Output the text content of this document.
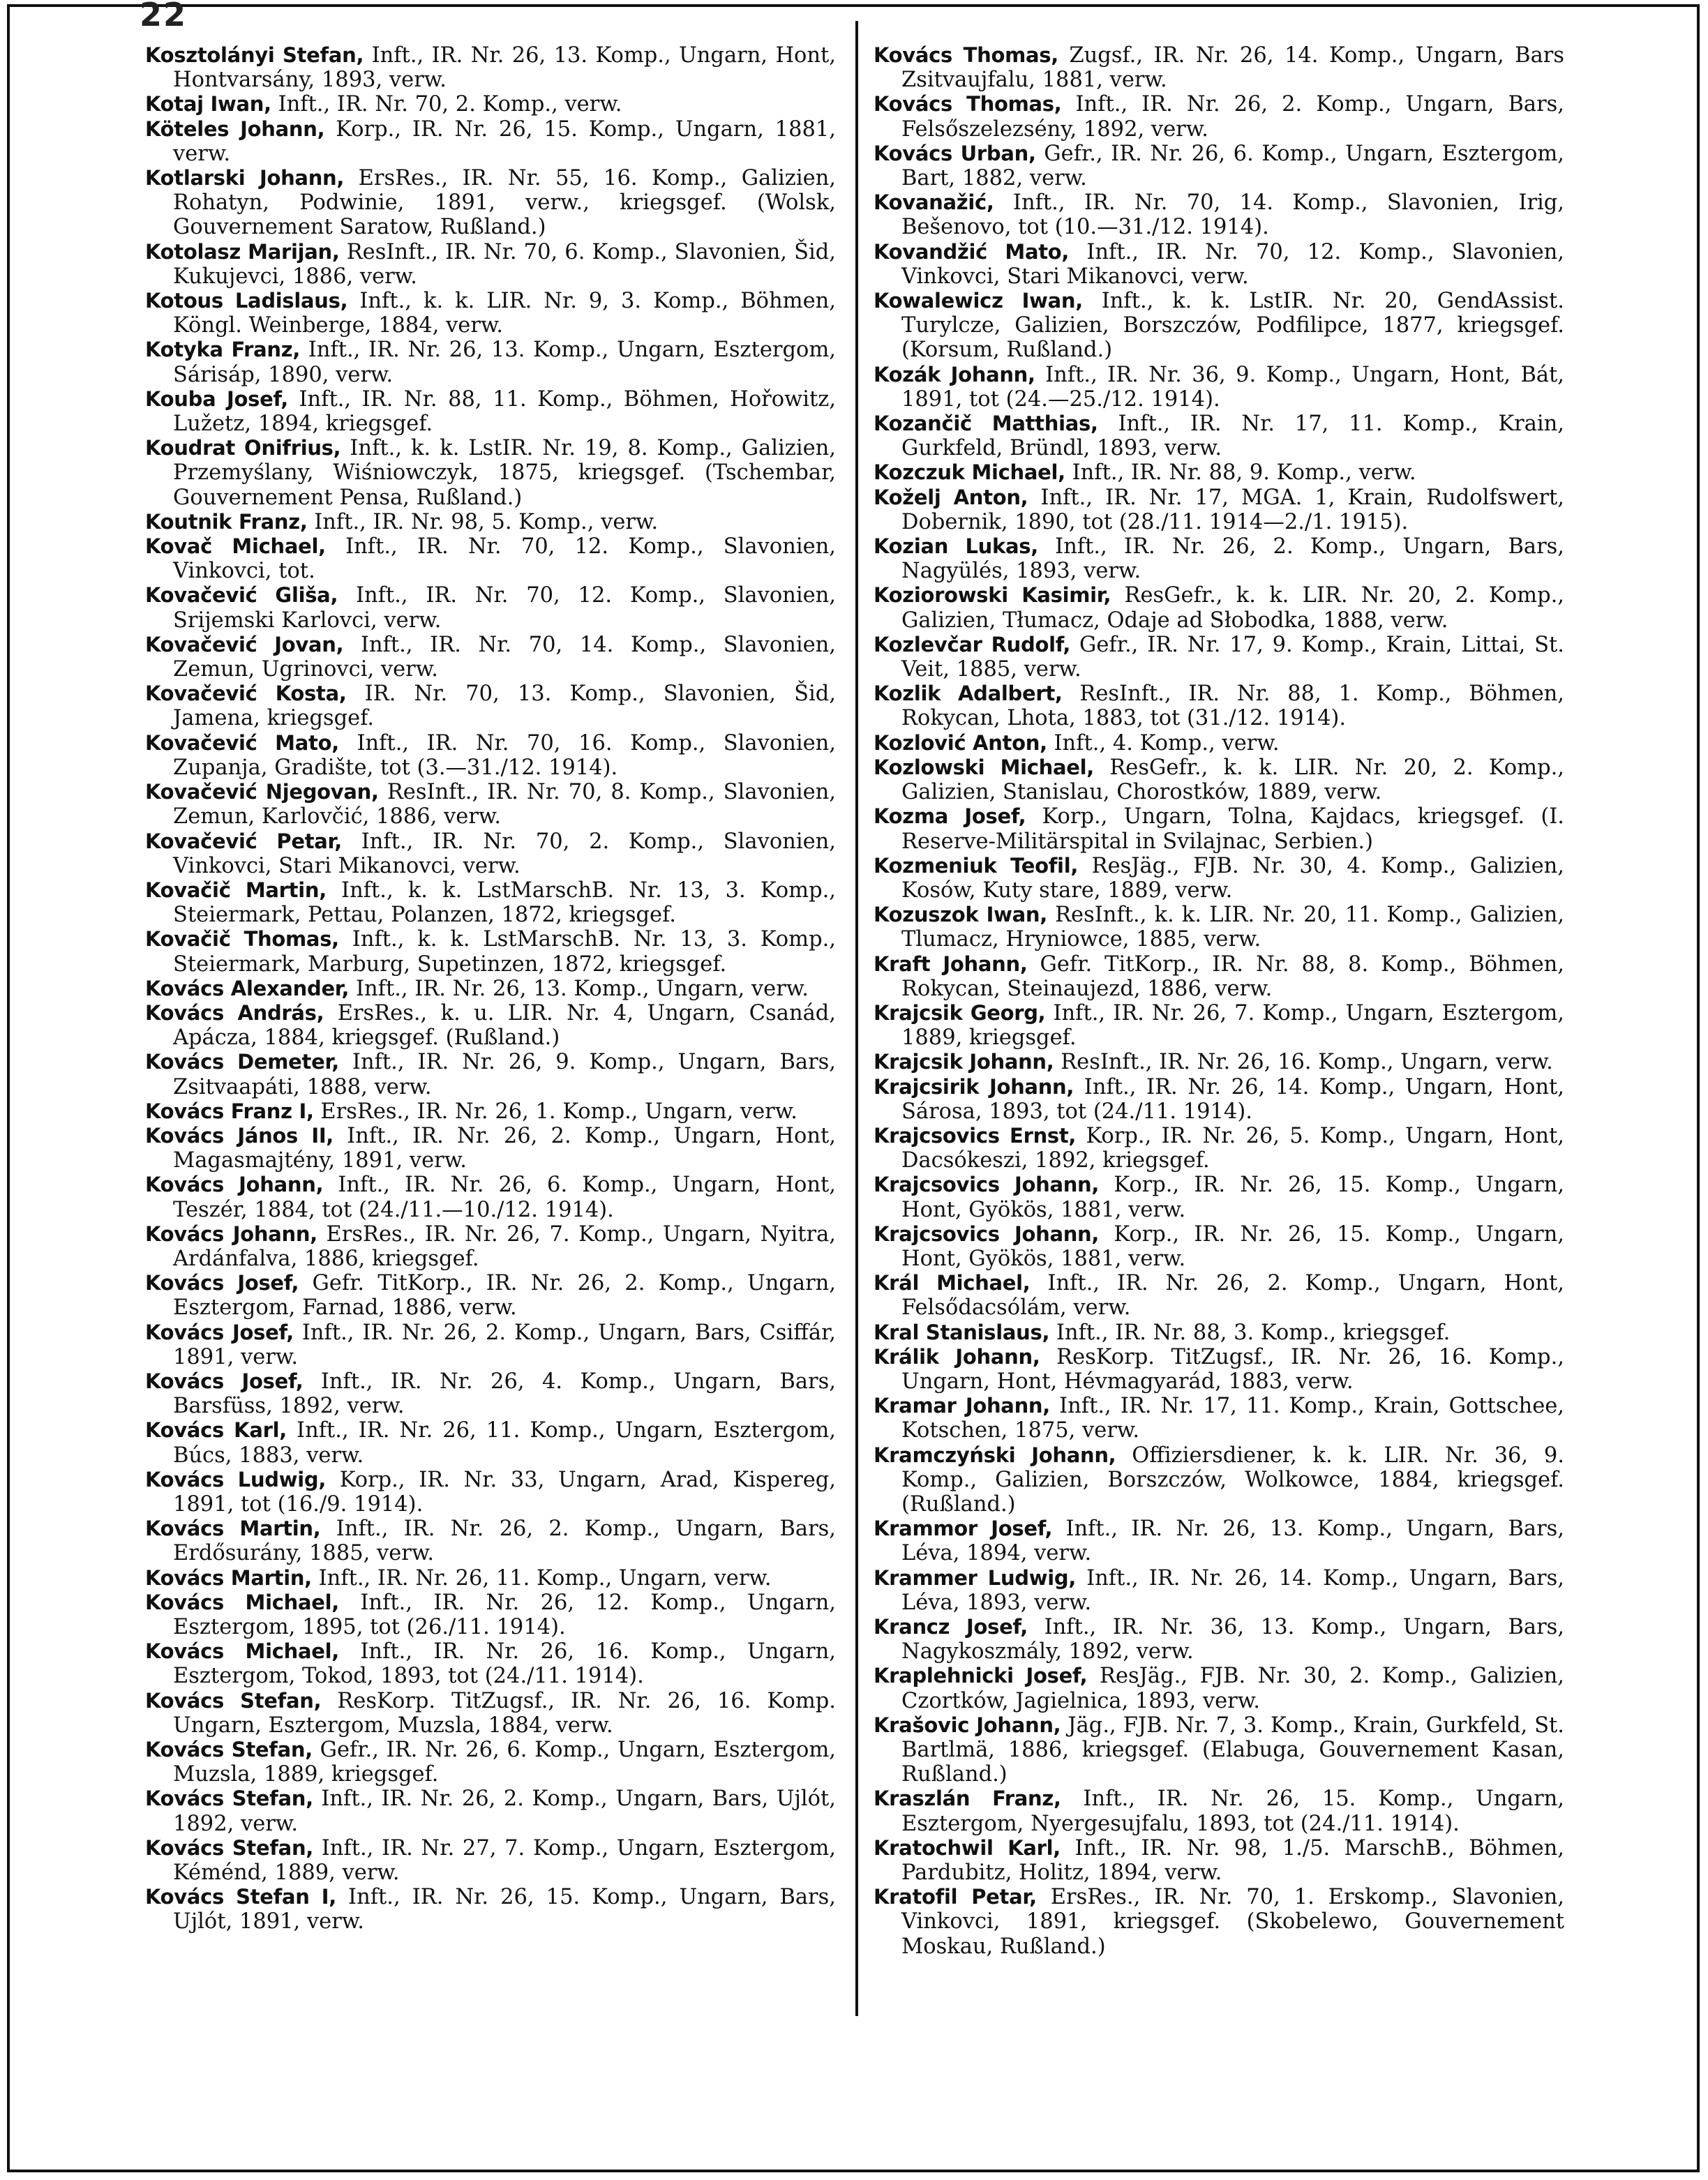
22

Kosztolányi Stefan, Inft., IR. Nr. 26, 13. Komp., Ungarn, Hont, Hontvarsány, 1893, verw.

Kotaj Iwan, Inft., IR. Nr. 70, 2. Komp., verw.

Köteles Johann, Korp., IR. Nr. 26, 15. Komp., Ungarn, 1881, verw.

Kotlarski Johann, ErsRes., IR. Nr. 55, 16. Komp., Galizien, Rohatyn, Podwinie, 1891, verw., kriegsgef. (Wolsk, Gouvernement Saratow, Rußland.)

Kotolasz Marijan, ResInft., IR. Nr. 70, 6. Komp., Slavonien, Šid, Kukujevci, 1886, verw.

Kotous Ladislaus, Inft., k. k. LIR. Nr. 9, 3. Komp., Böhmen, Köngl. Weinberge, 1884, verw.

Kotyka Franz, Inft., IR. Nr. 26, 13. Komp., Ungarn, Esztergom, Sárisáp, 1890, verw.

Kouba Josef, Inft., IR. Nr. 88, 11. Komp., Böhmen, Hořowitz, Lužetz, 1894, kriegsgef.

Koudrat Onifrius, Inft., k. k. LstIR. Nr. 19, 8. Komp., Galizien, Przemyślany, Wiśniowczyk, 1875, kriegsgef. (Tschembar, Gouvernement Pensa, Rußland.)

Koutnik Franz, Inft., IR. Nr. 98, 5. Komp., verw.

Kovač Michael, Inft., IR. Nr. 70, 12. Komp., Slavonien, Vinkovci, tot.

Kovačević Gliša, Inft., IR. Nr. 70, 12. Komp., Slavonien, Srijemski Karlovci, verw.

Kovačević Jovan, Inft., IR. Nr. 70, 14. Komp., Slavonien, Zemun, Ugrinovci, verw.

Kovačević Kosta, IR. Nr. 70, 13. Komp., Slavonien, Šid, Jamena, kriegsgef.

Kovačević Mato, Inft., IR. Nr. 70, 16. Komp., Slavonien, Zupanja, Gradište, tot (3.—31./12. 1914).

Kovačević Njegovan, ResInft., IR. Nr. 70, 8. Komp., Slavonien, Zemun, Karlovčić, 1886, verw.

Kovačević Petar, Inft., IR. Nr. 70, 2. Komp., Slavonien, Vinkovci, Stari Mikanovci, verw.

Kovačič Martin, Inft., k. k. LstMarschB. Nr. 13, 3. Komp., Steiermark, Pettau, Polanzen, 1872, kriegsgef.

Kovačič Thomas, Inft., k. k. LstMarschB. Nr. 13, 3. Komp., Steiermark, Marburg, Supetinzen, 1872, kriegsgef.

Kovács Alexander, Inft., IR. Nr. 26, 13. Komp., Ungarn, verw.

Kovács András, ErsRes., k. u. LIR. Nr. 4, Ungarn, Csanád, Apácza, 1884, kriegsgef. (Rußland.)

Kovács Demeter, Inft., IR. Nr. 26, 9. Komp., Ungarn, Bars, Zsitvaapáti, 1888, verw.

Kovács Franz I, ErsRes., IR. Nr. 26, 1. Komp., Ungarn, verw.

Kovács János II, Inft., IR. Nr. 26, 2. Komp., Ungarn, Hont, Magasmajtény, 1891, verw.

Kovács Johann, Inft., IR. Nr. 26, 6. Komp., Ungarn, Hont, Teszér, 1884, tot (24./11.—10./12. 1914).

Kovács Johann, ErsRes., IR. Nr. 26, 7. Komp., Ungarn, Nyitra, Ardánfalva, 1886, kriegsgef.

Kovács Josef, Gefr. TitKorp., IR. Nr. 26, 2. Komp., Ungarn, Esztergom, Farnad, 1886, verw.

Kovács Josef, Inft., IR. Nr. 26, 2. Komp., Ungarn, Bars, Csiffár, 1891, verw.

Kovács Josef, Inft., IR. Nr. 26, 4. Komp., Ungarn, Bars, Barsfüss, 1892, verw.

Kovács Karl, Inft., IR. Nr. 26, 11. Komp., Ungarn, Esztergom, Búcs, 1883, verw.

Kovács Ludwig, Korp., IR. Nr. 33, Ungarn, Arad, Kispereg, 1891, tot (16./9. 1914).

Kovács Martin, Inft., IR. Nr. 26, 2. Komp., Ungarn, Bars, Erdősurány, 1885, verw.

Kovács Martin, Inft., IR. Nr. 26, 11. Komp., Ungarn, verw.

Kovács Michael, Inft., IR. Nr. 26, 12. Komp., Ungarn, Esztergom, 1895, tot (26./11. 1914).

Kovács Michael, Inft., IR. Nr. 26, 16. Komp., Ungarn, Esztergom, Tokod, 1893, tot (24./11. 1914).

Kovács Stefan, ResKorp. TitZugsf., IR. Nr. 26, 16. Komp. Ungarn, Esztergom, Muzsla, 1884, verw.

Kovács Stefan, Gefr., IR. Nr. 26, 6. Komp., Ungarn, Esztergom, Muzsla, 1889, kriegsgef.

Kovács Stefan, Inft., IR. Nr. 26, 2. Komp., Ungarn, Bars, Ujlót, 1892, verw.

Kovács Stefan, Inft., IR. Nr. 27, 7. Komp., Ungarn, Esztergom, Kéménd, 1889, verw.

Kovács Stefan I, Inft., IR. Nr. 26, 15. Komp., Ungarn, Bars, Ujlót, 1891, verw.

Kovács Thomas, Zugsf., IR. Nr. 26, 14. Komp., Ungarn, Bars Zsitvaujfalu, 1881, verw.

Kovács Thomas, Inft., IR. Nr. 26, 2. Komp., Ungarn, Bars, Felsőszelezsény, 1892, verw.

Kovács Urban, Gefr., IR. Nr. 26, 6. Komp., Ungarn, Esztergom, Bart, 1882, verw.

Kovanažić, Inft., IR. Nr. 70, 14. Komp., Slavonien, Irig, Bešenovo, tot (10.—31./12. 1914).

Kovandžić Mato, Inft., IR. Nr. 70, 12. Komp., Slavonien, Vinkovci, Stari Mikanovci, verw.

Kowalewicz Iwan, Inft., k. k. LstIR. Nr. 20, GendAssist. Turylcze, Galizien, Borszczów, Podfilipce, 1877, kriegsgef. (Korsum, Rußland.)

Kozák Johann, Inft., IR. Nr. 36, 9. Komp., Ungarn, Hont, Bát, 1891, tot (24.—25./12. 1914).

Kozančič Matthias, Inft., IR. Nr. 17, 11. Komp., Krain, Gurkfeld, Bründl, 1893, verw.

Kozczuk Michael, Inft., IR. Nr. 88, 9. Komp., verw.

Koželj Anton, Inft., IR. Nr. 17, MGA. 1, Krain, Rudolfswert, Dobernik, 1890, tot (28./11. 1914—2./1. 1915).

Kozian Lukas, Inft., IR. Nr. 26, 2. Komp., Ungarn, Bars, Nagyülés, 1893, verw.

Koziorowski Kasimir, ResGefr., k. k. LIR. Nr. 20, 2. Komp., Galizien, Tłumacz, Odaje ad Słobodka, 1888, verw.

Kozlevčar Rudolf, Gefr., IR. Nr. 17, 9. Komp., Krain, Littai, St. Veit, 1885, verw.

Kozlik Adalbert, ResInft., IR. Nr. 88, 1. Komp., Böhmen, Rokycan, Lhota, 1883, tot (31./12. 1914).

Kozlović Anton, Inft., 4. Komp., verw.

Kozlowski Michael, ResGefr., k. k. LIR. Nr. 20, 2. Komp., Galizien, Stanislau, Chorostków, 1889, verw.

Kozma Josef, Korp., Ungarn, Tolna, Kajdacs, kriegsgef. (I. Reserve-Militärspital in Svilajnac, Serbien.)

Kozmeniuk Teofil, ResJäg., FJB. Nr. 30, 4. Komp., Galizien, Kosów, Kuty stare, 1889, verw.

Kozuszok Iwan, ResInft., k. k. LIR. Nr. 20, 11. Komp., Galizien, Tlumacz, Hryniowce, 1885, verw.

Kraft Johann, Gefr. TitKorp., IR. Nr. 88, 8. Komp., Böhmen, Rokycan, Steinaujezd, 1886, verw.

Krajcsik Georg, Inft., IR. Nr. 26, 7. Komp., Ungarn, Esztergom, 1889, kriegsgef.

Krajcsik Johann, ResInft., IR. Nr. 26, 16. Komp., Ungarn, verw.

Krajcsirik Johann, Inft., IR. Nr. 26, 14. Komp., Ungarn, Hont, Sárosa, 1893, tot (24./11. 1914).

Krajcsovics Ernst, Korp., IR. Nr. 26, 5. Komp., Ungarn, Hont, Dacsókeszi, 1892, kriegsgef.

Krajcsovics Johann, Korp., IR. Nr. 26, 15. Komp., Ungarn, Hont, Gyökös, 1881, verw.

Krajcsovics Johann, Korp., IR. Nr. 26, 15. Komp., Ungarn, Hont, Gyökös, 1881, verw.

Král Michael, Inft., IR. Nr. 26, 2. Komp., Ungarn, Hont, Felsődacsólám, verw.

Kral Stanislaus, Inft., IR. Nr. 88, 3. Komp., kriegsgef.

Králik Johann, ResKorp. TitZugsf., IR. Nr. 26, 16. Komp., Ungarn, Hont, Hévmagyarád, 1883, verw.

Kramar Johann, Inft., IR. Nr. 17, 11. Komp., Krain, Gottschee, Kotschen, 1875, verw.

Kramczyński Johann, Offiziersdiener, k. k. LIR. Nr. 36, 9. Komp., Galizien, Borszczów, Wolkowce, 1884, kriegsgef. (Rußland.)

Krammor Josef, Inft., IR. Nr. 26, 13. Komp., Ungarn, Bars, Léva, 1894, verw.

Krammer Ludwig, Inft., IR. Nr. 26, 14. Komp., Ungarn, Bars, Léva, 1893, verw.

Krancz Josef, Inft., IR. Nr. 36, 13. Komp., Ungarn, Bars, Nagykoszmály, 1892, verw.

Kraplehnicki Josef, ResJäg., FJB. Nr. 30, 2. Komp., Galizien, Czortków, Jagielnica, 1893, verw.

Krašovic Johann, Jäg., FJB. Nr. 7, 3. Komp., Krain, Gurkfeld, St. Bartlmä, 1886, kriegsgef. (Elabuga, Gouvernement Kasan, Rußland.)

Kraszlán Franz, Inft., IR. Nr. 26, 15. Komp., Ungarn, Esztergom, Nyergesujfalu, 1893, tot (24./11. 1914).

Kratochwil Karl, Inft., IR. Nr. 98, 1./5. MarschB., Böhmen, Pardubitz, Holitz, 1894, verw.

Kratofil Petar, ErsRes., IR. Nr. 70, 1. Erskomp., Slavonien, Vinkovci, 1891, kriegsgef. (Skobelewo, Gouvernement Moskau, Rußland.)
